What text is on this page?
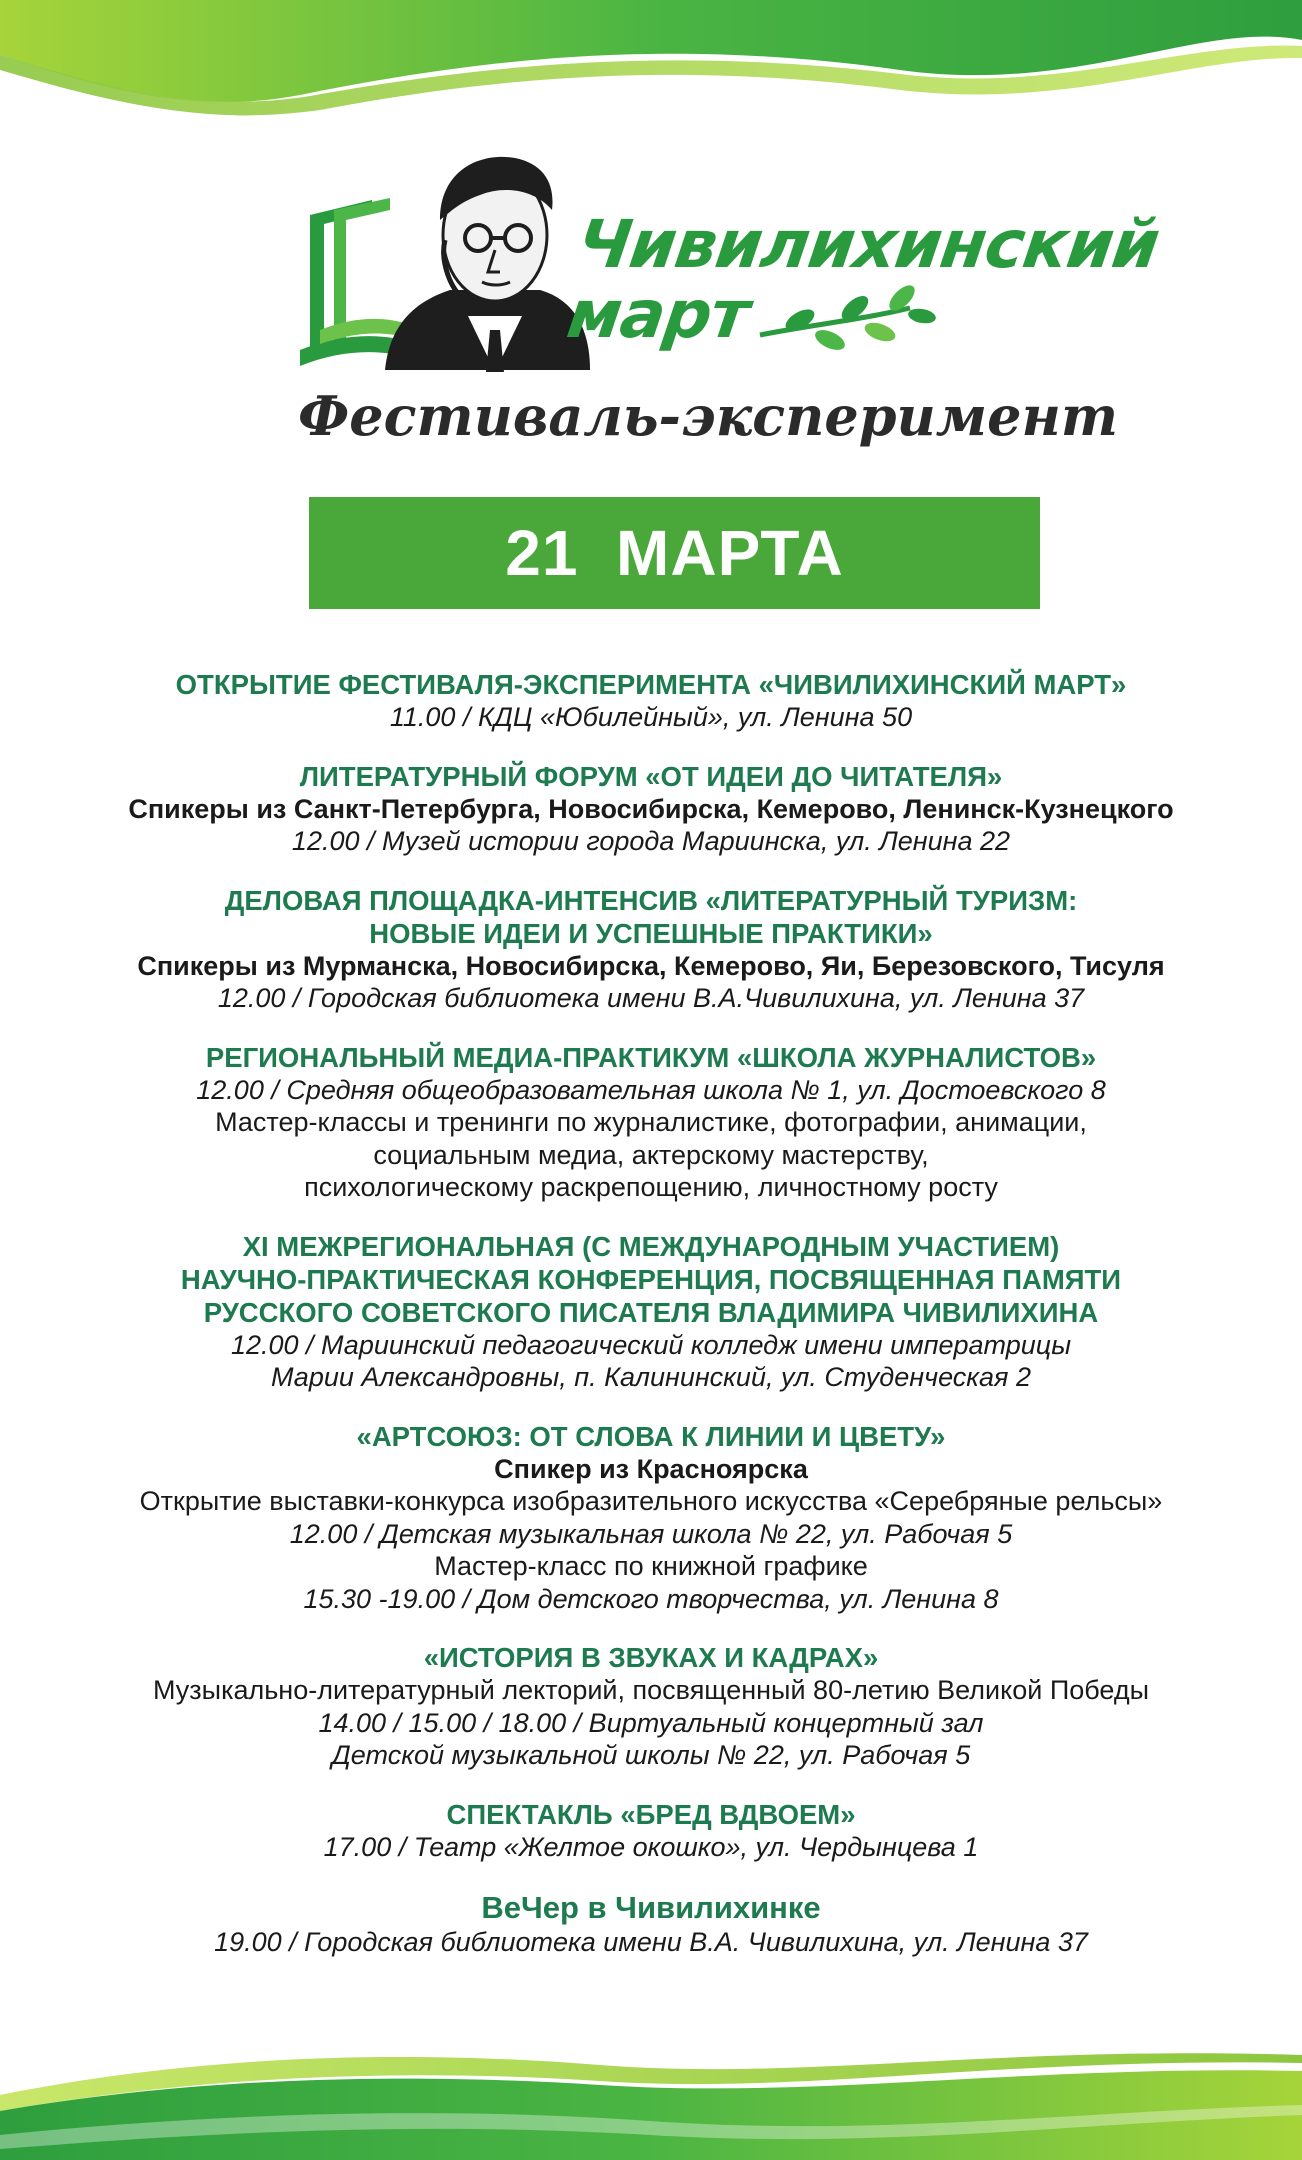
Чивилихинский
март
Фестиваль-эксперимент
21  МАРТА
ОТКРЫТИЕ ФЕСТИВАЛЯ-ЭКСПЕРИМЕНТА «ЧИВИЛИХИНСКИЙ МАРТ»
11.00 / КДЦ «Юбилейный», ул. Ленина 50
ЛИТЕРАТУРНЫЙ ФОРУМ «ОТ ИДЕИ ДО ЧИТАТЕЛЯ»
Спикеры из Санкт-Петербурга, Новосибирска, Кемерово, Ленинск-Кузнецкого
12.00 / Музей истории города Мариинска, ул. Ленина 22
ДЕЛОВАЯ ПЛОЩАДКА-ИНТЕНСИВ «ЛИТЕРАТУРНЫЙ ТУРИЗМ:
НОВЫЕ ИДЕИ И УСПЕШНЫЕ ПРАКТИКИ»
Спикеры из Мурманска, Новосибирска, Кемерово, Яи, Березовского, Тисуля
12.00 / Городская библиотека имени В.А.Чивилихина, ул. Ленина 37
РЕГИОНАЛЬНЫЙ МЕДИА-ПРАКТИКУМ «ШКОЛА ЖУРНАЛИСТОВ»
12.00 / Средняя общеобразовательная школа № 1, ул. Достоевского 8
Мастер-классы и тренинги по журналистике, фотографии, анимации,
социальным медиа, актерскому мастерству,
психологическому раскрепощению, личностному росту
XI МЕЖРЕГИОНАЛЬНАЯ (С МЕЖДУНАРОДНЫМ УЧАСТИЕМ)
НАУЧНО-ПРАКТИЧЕСКАЯ КОНФЕРЕНЦИЯ, ПОСВЯЩЕННАЯ ПАМЯТИ
РУССКОГО СОВЕТСКОГО ПИСАТЕЛЯ ВЛАДИМИРА ЧИВИЛИХИНА
12.00 / Мариинский педагогический колледж имени императрицы
Марии Александровны, п. Калининский, ул. Студенческая 2
«АРТСОЮЗ: ОТ СЛОВА К ЛИНИИ И ЦВЕТУ»
Спикер из Красноярска
Открытие выставки-конкурса изобразительного искусства «Серебряные рельсы»
12.00 / Детская музыкальная школа № 22, ул. Рабочая 5
Мастер-класс по книжной графике
15.30 -19.00 / Дом детского творчества, ул. Ленина 8
«ИСТОРИЯ В ЗВУКАХ И КАДРАХ»
Музыкально-литературный лекторий, посвященный 80-летию Великой Победы
14.00 / 15.00 / 18.00 / Виртуальный концертный зал
Детской музыкальной школы № 22, ул. Рабочая 5
СПЕКТАКЛЬ «БРЕД ВДВОЕМ»
17.00 / Театр «Желтое окошко», ул. Чердынцева 1
ВеЧер в Чивилихинке
19.00 / Городская библиотека имени В.А. Чивилихина, ул. Ленина 37
